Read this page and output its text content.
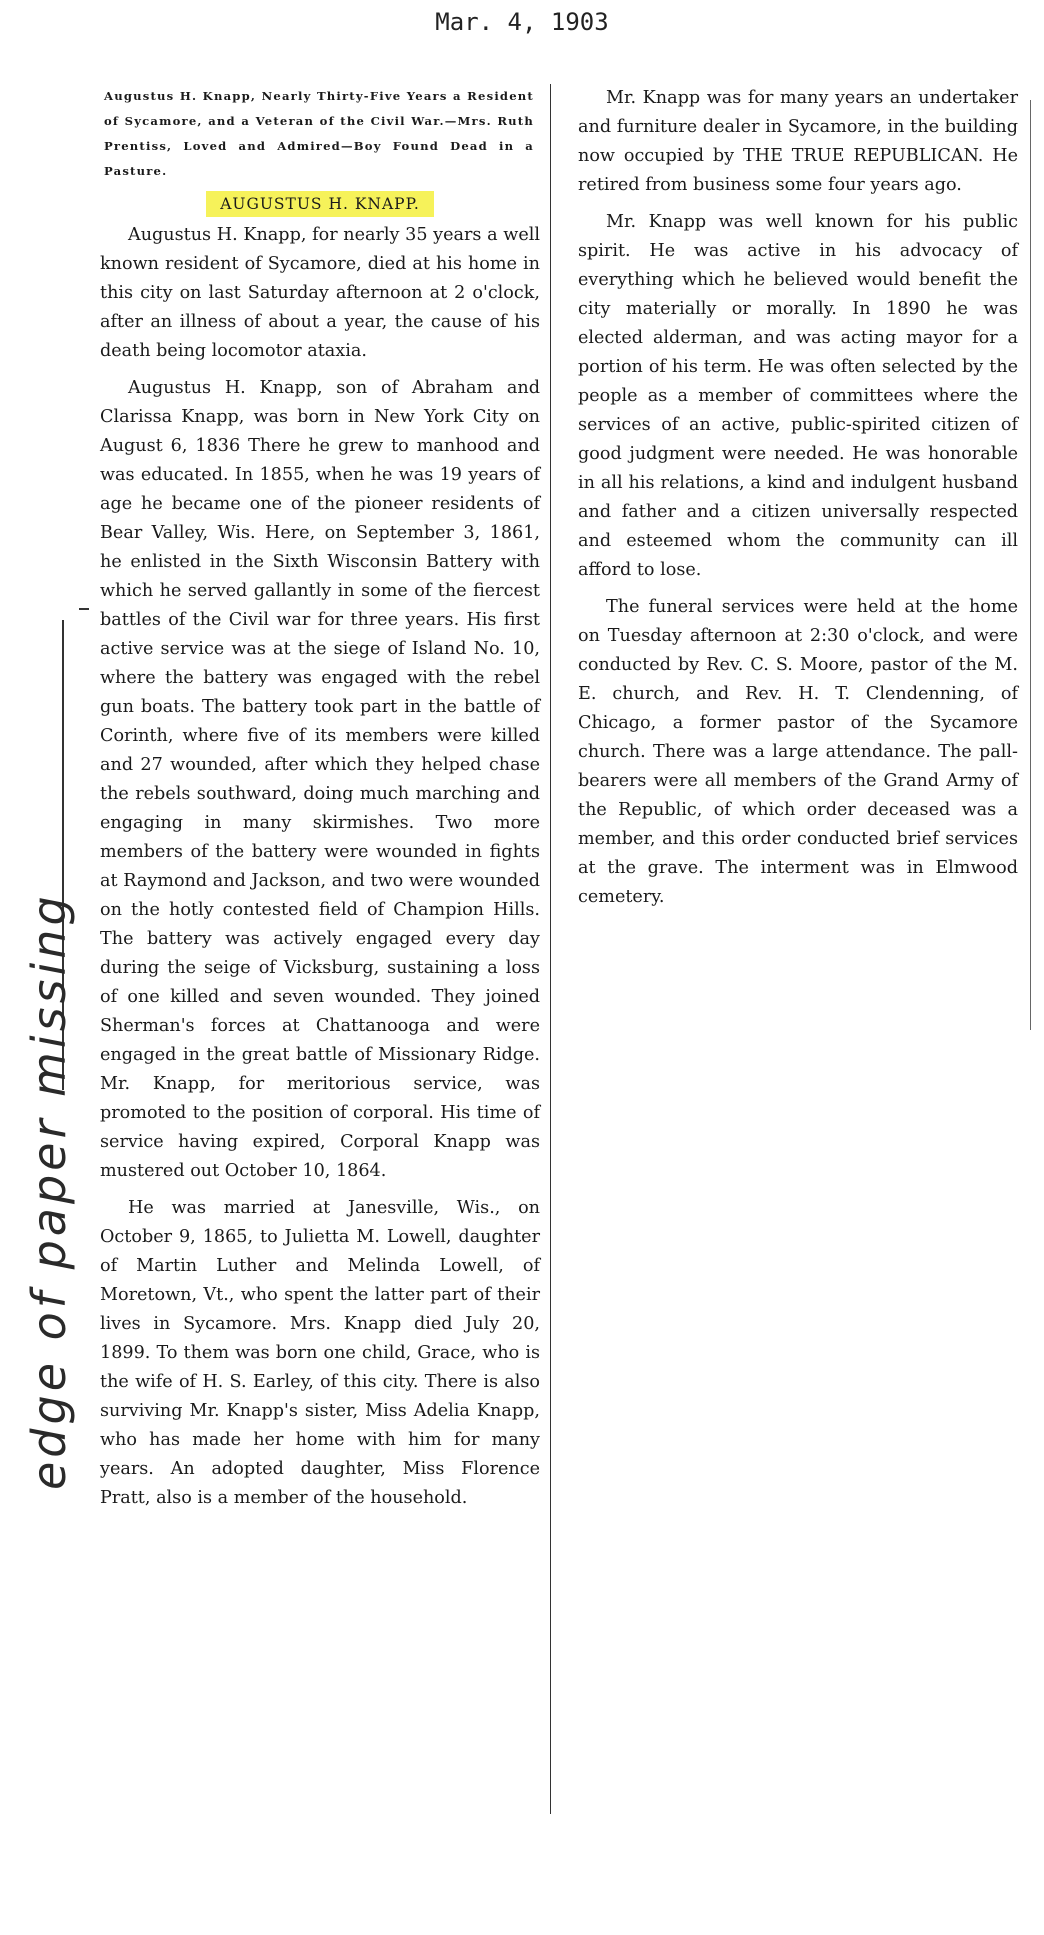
Mar. 4, 1903
Augustus H. Knapp, Nearly Thirty-Five Years a Resident of Sycamore, and a Veteran of the Civil War.—Mrs. Ruth Prentiss, Loved and Admired—Boy Found Dead in a Pasture.
AUGUSTUS H. KNAPP.

Augustus H. Knapp, for nearly 35 years a well known resident of Sycamore, died at his home in this city on last Saturday afternoon at 2 o'clock, after an illness of about a year, the cause of his death being locomotor ataxia.

Augustus H. Knapp, son of Abraham and Clarissa Knapp, was born in New York City on August 6, 1836 There he grew to manhood and was educated. In 1855, when he was 19 years of age he became one of the pioneer residents of Bear Valley, Wis. Here, on September 3, 1861, he enlisted in the Sixth Wisconsin Battery with which he served gallantly in some of the fiercest battles of the Civil war for three years. His first active service was at the siege of Island No. 10, where the battery was engaged with the rebel gun boats. The battery took part in the battle of Corinth, where five of its members were killed and 27 wounded, after which they helped chase the rebels southward, doing much marching and engaging in many skirmishes. Two more members of the battery were wounded in fights at Raymond and Jackson, and two were wounded on the hotly contested field of Champion Hills. The battery was actively engaged every day during the seige of Vicksburg, sustaining a loss of one killed and seven wounded. They joined Sherman's forces at Chattanooga and were engaged in the great battle of Missionary Ridge. Mr. Knapp, for meritorious service, was promoted to the position of corporal. His time of service having expired, Corporal Knapp was mustered out October 10, 1864.

He was married at Janesville, Wis., on October 9, 1865, to Julietta M. Lowell, daughter of Martin Luther and Melinda Lowell, of Moretown, Vt., who spent the latter part of their lives in Sycamore. Mrs. Knapp died July 20, 1899. To them was born one child, Grace, who is the wife of H. S. Earley, of this city. There is also surviving Mr. Knapp's sister, Miss Adelia Knapp, who has made her home with him for many years. An adopted daughter, Miss Florence Pratt, also is a member of the household.

Mr. Knapp was for many years an undertaker and furniture dealer in Sycamore, in the building now occupied by THE TRUE REPUBLICAN. He retired from business some four years ago.

Mr. Knapp was well known for his public spirit. He was active in his advocacy of everything which he believed would benefit the city materially or morally. In 1890 he was elected alderman, and was acting mayor for a portion of his term. He was often selected by the people as a member of committees where the services of an active, public-spirited citizen of good judgment were needed. He was honorable in all his relations, a kind and indulgent husband and father and a citizen universally respected and esteemed whom the community can ill afford to lose.

The funeral services were held at the home on Tuesday afternoon at 2:30 o'clock, and were conducted by Rev. C. S. Moore, pastor of the M. E. church, and Rev. H. T. Clendenning, of Chicago, a former pastor of the Sycamore church. There was a large attendance. The pall-bearers were all members of the Grand Army of the Republic, of which order deceased was a member, and this order conducted brief services at the grave. The interment was in Elmwood cemetery.

edge of paper missing
